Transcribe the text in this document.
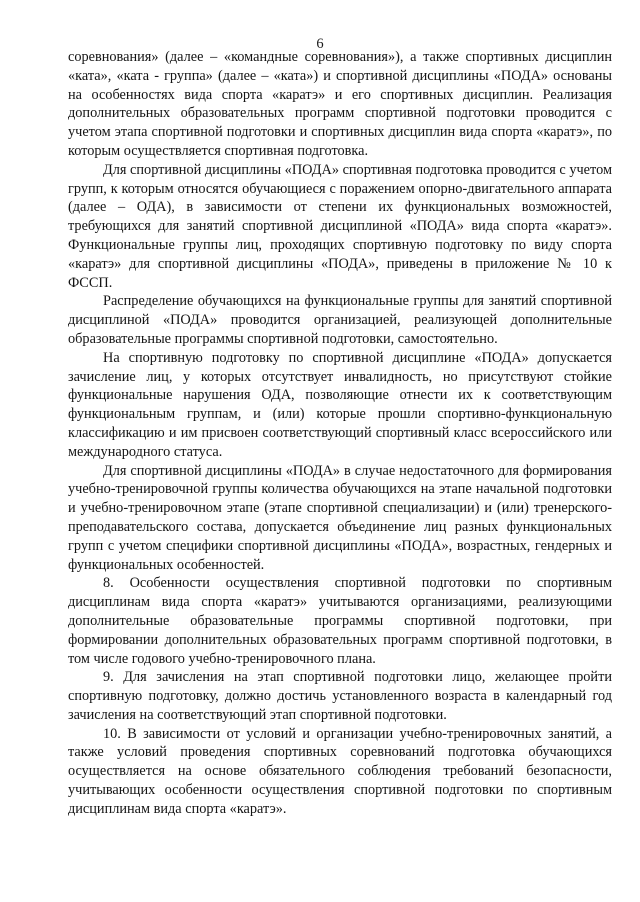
6

соревнования» (далее – «командные соревнования»), а также спортивных дисциплин «ката», «ката - группа» (далее – «ката») и спортивной дисциплины «ПОДА» основаны на особенностях вида спорта «каратэ» и его спортивных дисциплин. Реализация дополнительных образовательных программ спортивной подготовки проводится с учетом этапа спортивной подготовки и спортивных дисциплин вида спорта «каратэ», по которым осуществляется спортивная подготовка.

Для спортивной дисциплины «ПОДА» спортивная подготовка проводится с учетом групп, к которым относятся обучающиеся с поражением опорно-двигательного аппарата (далее – ОДА), в зависимости от степени их функциональных возможностей, требующихся для занятий спортивной дисциплиной «ПОДА» вида спорта «каратэ». Функциональные группы лиц, проходящих спортивную подготовку по виду спорта «каратэ» для спортивной дисциплины «ПОДА», приведены в приложение № 10 к ФССП.

Распределение обучающихся на функциональные группы для занятий спортивной дисциплиной «ПОДА» проводится организацией, реализующей дополнительные образовательные программы спортивной подготовки, самостоятельно.

На спортивную подготовку по спортивной дисциплине «ПОДА» допускается зачисление лиц, у которых отсутствует инвалидность, но присутствуют стойкие функциональные нарушения ОДА, позволяющие отнести их к соответствующим функциональным группам, и (или) которые прошли спортивно-функциональную классификацию и им присвоен соответствующий спортивный класс всероссийского или международного статуса.

Для спортивной дисциплины «ПОДА» в случае недостаточного для формирования учебно-тренировочной группы количества обучающихся на этапе начальной подготовки и учебно-тренировочном этапе (этапе спортивной специализации) и (или) тренерского-преподавательского состава, допускается объединение лиц разных функциональных групп с учетом специфики спортивной дисциплины «ПОДА», возрастных, гендерных и функциональных особенностей.

8. Особенности осуществления спортивной подготовки по спортивным дисциплинам вида спорта «каратэ» учитываются организациями, реализующими дополнительные образовательные программы спортивной подготовки, при формировании дополнительных образовательных программ спортивной подготовки, в том числе годового учебно-тренировочного плана.

9. Для зачисления на этап спортивной подготовки лицо, желающее пройти спортивную подготовку, должно достичь установленного возраста в календарный год зачисления на соответствующий этап спортивной подготовки.

10. В зависимости от условий и организации учебно-тренировочных занятий, а также условий проведения спортивных соревнований подготовка обучающихся осуществляется на основе обязательного соблюдения требований безопасности, учитывающих особенности осуществления спортивной подготовки по спортивным дисциплинам вида спорта «каратэ».
